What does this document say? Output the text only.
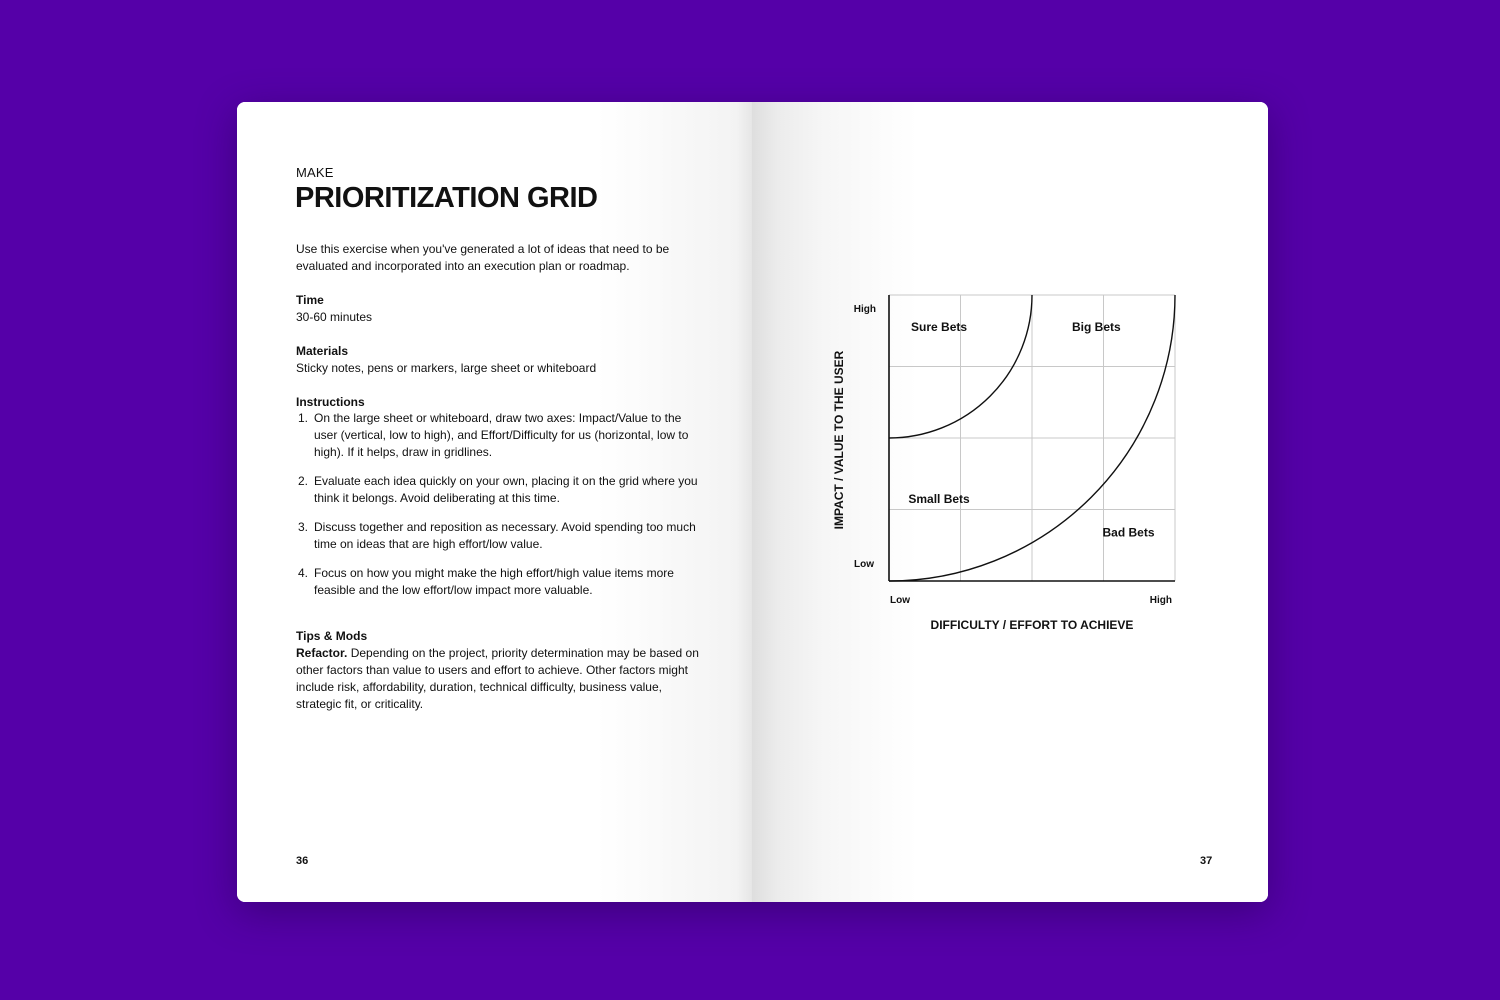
MAKE
PRIORITIZATION GRID

Use this exercise when you've generated a lot of ideas that need to be evaluated and incorporated into an execution plan or roadmap.

Time

30-60 minutes

Materials

Sticky notes, pens or markers, large sheet or whiteboard

Instructions
1. On the large sheet or whiteboard, draw two axes: Impact/Value to the user (vertical, low to high), and Effort/Difficulty for us (horizontal, low to high). If it helps, draw in gridlines.
2. Evaluate each idea quickly on your own, placing it on the grid where you think it belongs. Avoid deliberating at this time.
3. Discuss together and reposition as necessary. Avoid spending too much time on ideas that are high effort/low value.
4. Focus on how you might make the high effort/high value items more feasible and the low effort/low impact more valuable.
Tips & Mods

Refactor. Depending on the project, priority determination may be based on other factors than value to users and effort to achieve. Other factors might include risk, affordability, duration, technical difficulty, business value, strategic fit, or criticality.

36
High
Low
Low	High
DIFFICULTY / EFFORT TO ACHIEVE
IMPACT / VALUE TO THE USER
Sure Bets	Big Bets
Small Bets
Bad Bets
37
